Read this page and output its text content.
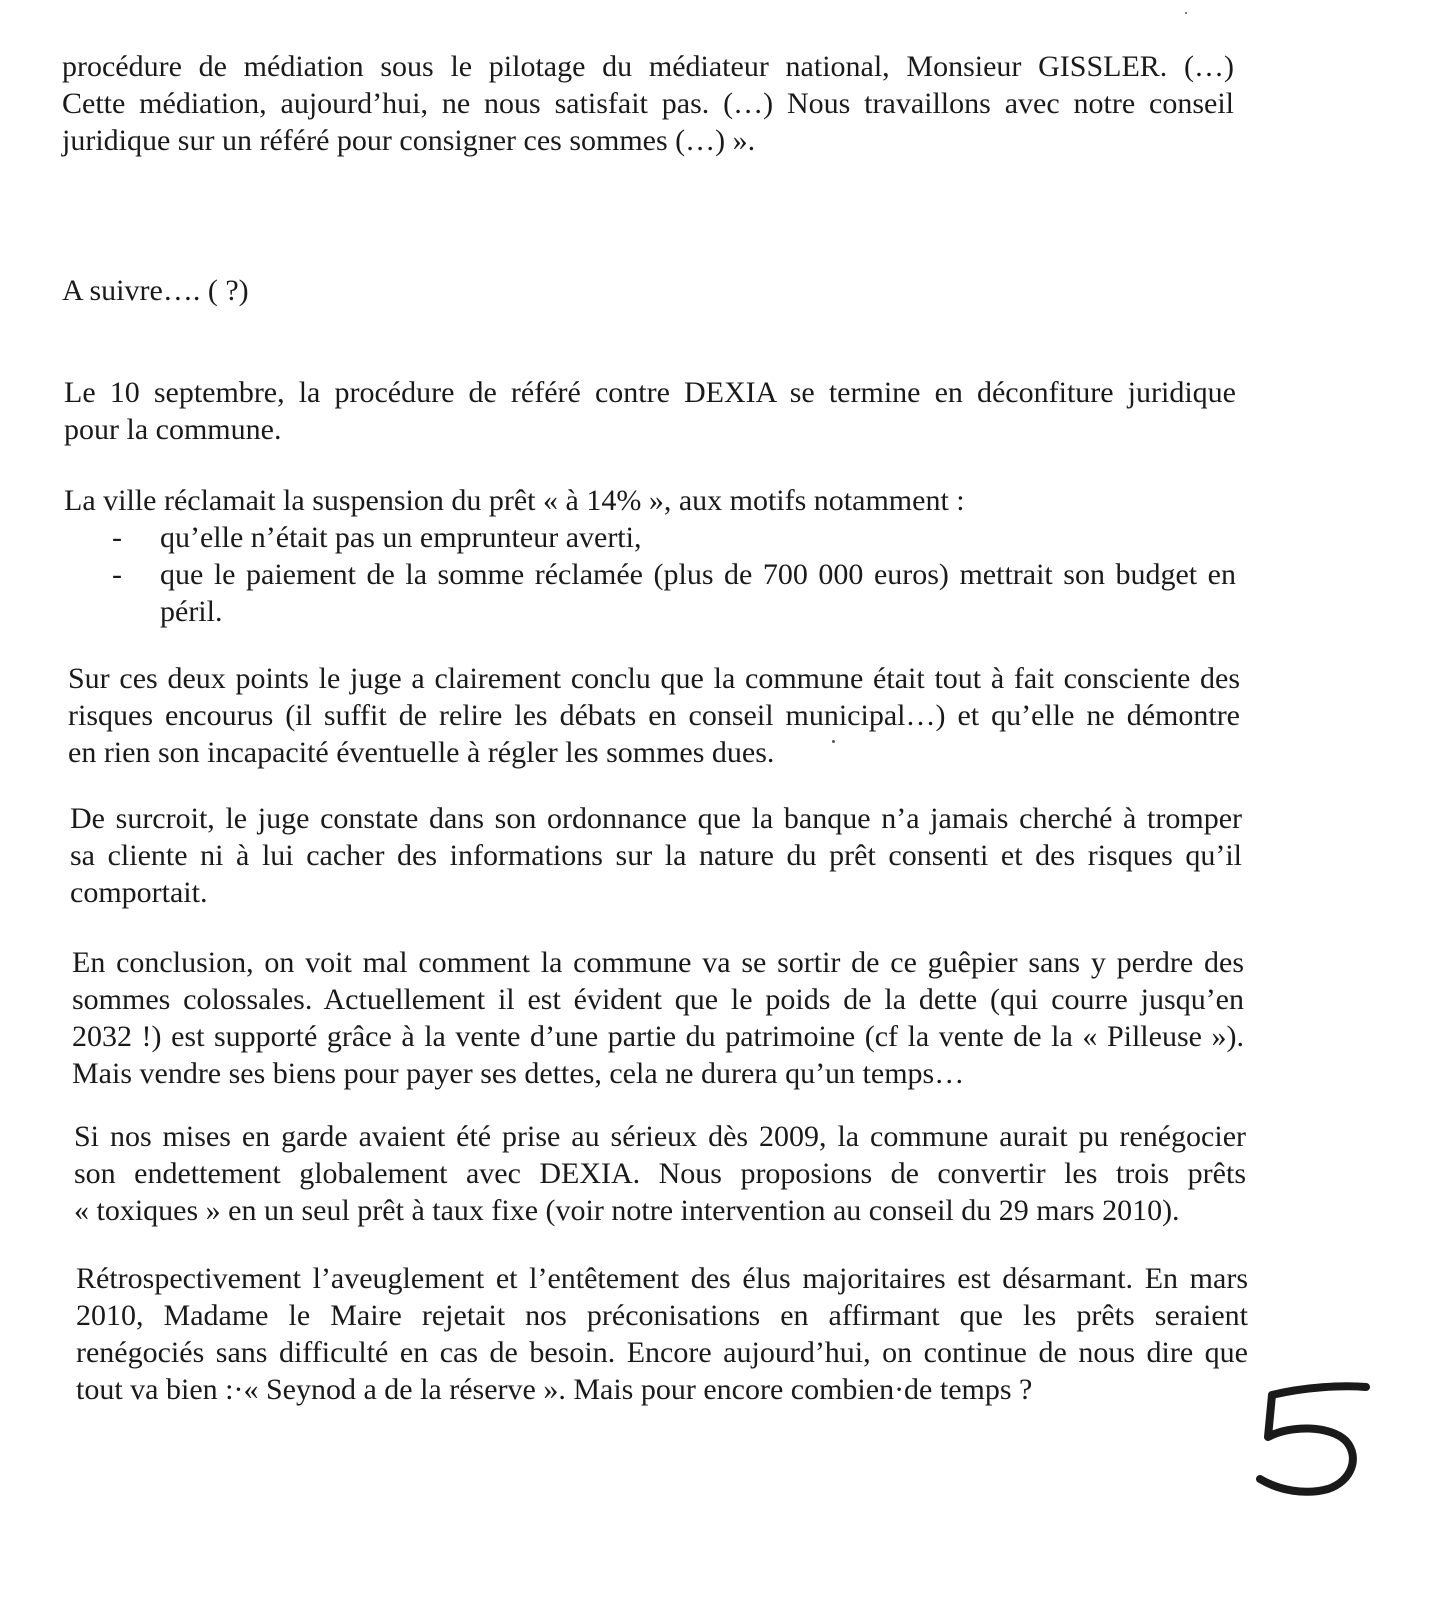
procédure de médiation sous le pilotage du médiateur national, Monsieur GISSLER. (…)
Cette médiation, aujourd’hui, ne nous satisfait pas. (…) Nous travaillons avec notre conseil
juridique sur un référé pour consigner ces sommes (…) ».
A suivre…. ( ?)
Le 10 septembre, la procédure de référé contre DEXIA se termine en déconfiture juridique
pour la commune.
La ville réclamait la suspension du prêt « à 14% », aux motifs notamment :
- qu’elle n’était pas un emprunteur averti,
- que le paiement de la somme réclamée (plus de 700 000 euros) mettrait son budget en
péril.
Sur ces deux points le juge a clairement conclu que la commune était tout à fait consciente des
risques encourus (il suffit de relire les débats en conseil municipal…) et qu’elle ne démontre
en rien son incapacité éventuelle à régler les sommes dues.
De surcroit, le juge constate dans son ordonnance que la banque n’a jamais cherché à tromper
sa cliente ni à lui cacher des informations sur la nature du prêt consenti et des risques qu’il
comportait.
En conclusion, on voit mal comment la commune va se sortir de ce guêpier sans y perdre des
sommes colossales. Actuellement il est évident que le poids de la dette (qui courre jusqu’en
2032 !) est supporté grâce à la vente d’une partie du patrimoine (cf la vente de la « Pilleuse »).
Mais vendre ses biens pour payer ses dettes, cela ne durera qu’un temps…
Si nos mises en garde avaient été prise au sérieux dès 2009, la commune aurait pu renégocier
son endettement globalement avec DEXIA. Nous proposions de convertir les trois prêts
« toxiques » en un seul prêt à taux fixe (voir notre intervention au conseil du 29 mars 2010).
Rétrospectivement l’aveuglement et l’entêtement des élus majoritaires est désarmant. En mars
2010, Madame le Maire rejetait nos préconisations en affirmant que les prêts seraient
renégociés sans difficulté en cas de besoin. Encore aujourd’hui, on continue de nous dire que
tout va bien :·« Seynod a de la réserve ». Mais pour encore combien·de temps ?
